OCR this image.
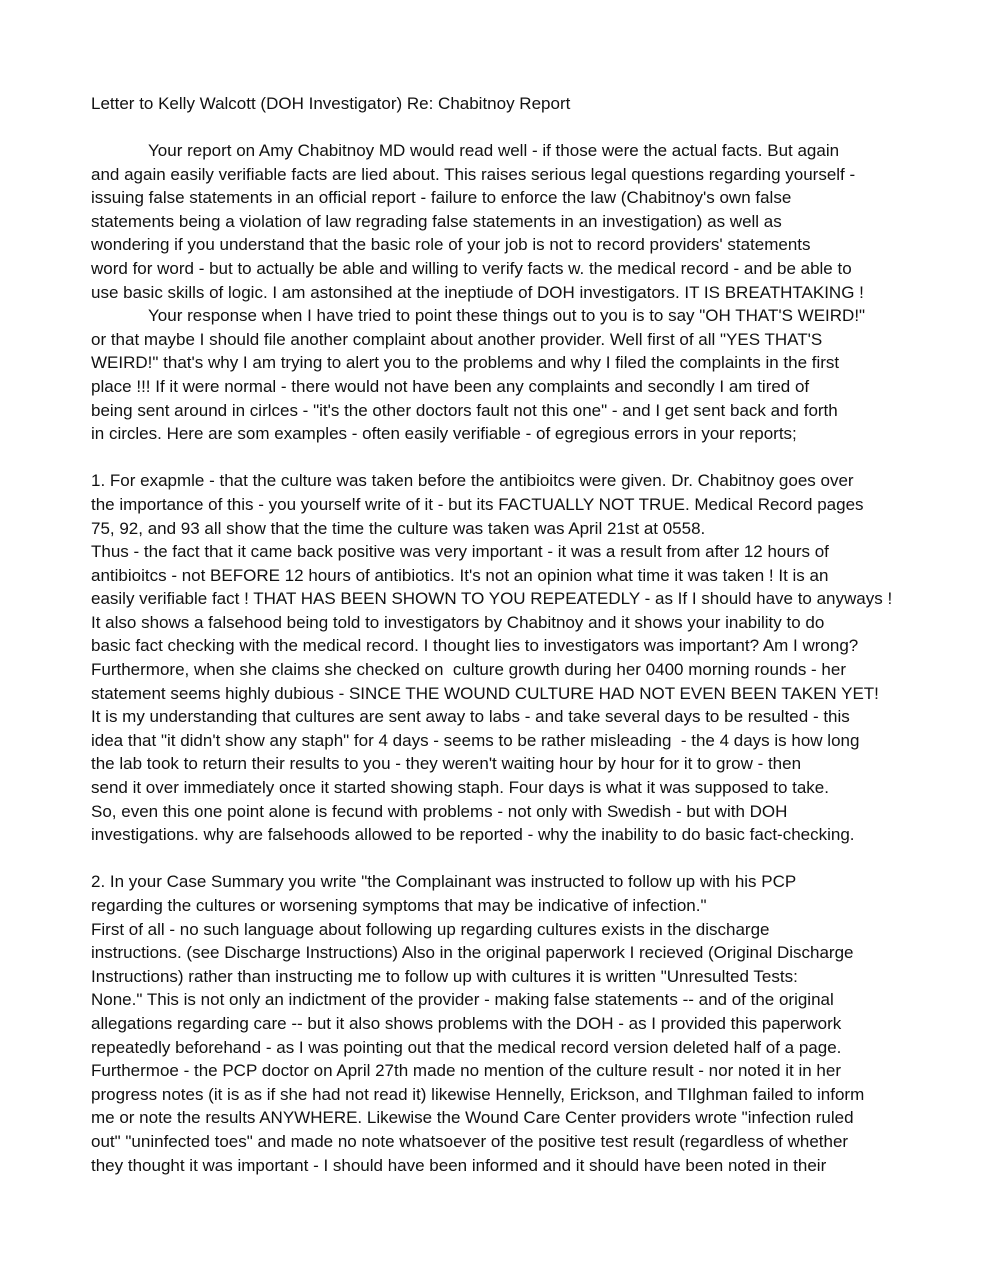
Letter to Kelly Walcott (DOH Investigator) Re: Chabitnoy Report
Your report on Amy Chabitnoy MD would read well - if those were the actual facts. But again
and again easily verifiable facts are lied about. This raises serious legal questions regarding yourself -
issuing false statements in an official report - failure to enforce the law (Chabitnoy's own false
statements being a violation of law regrading false statements in an investigation) as well as
wondering if you understand that the basic role of your job is not to record providers' statements
word for word - but to actually be able and willing to verify facts w. the medical record - and be able to
use basic skills of logic. I am astonsihed at the ineptiude of DOH investigators. IT IS BREATHTAKING !
Your response when I have tried to point these things out to you is to say "OH THAT'S WEIRD!"
or that maybe I should file another complaint about another provider. Well first of all "YES THAT'S
WEIRD!" that's why I am trying to alert you to the problems and why I filed the complaints in the first
place !!! If it were normal - there would not have been any complaints and secondly I am tired of
being sent around in cirlces - "it's the other doctors fault not this one" - and I get sent back and forth
in circles. Here are som examples - often easily verifiable - of egregious errors in your reports;
1. For exapmle - that the culture was taken before the antibioitcs were given. Dr. Chabitnoy goes over
the importance of this - you yourself write of it - but its FACTUALLY NOT TRUE. Medical Record pages
75, 92, and 93 all show that the time the culture was taken was April 21st at 0558.
Thus - the fact that it came back positive was very important - it was a result from after 12 hours of
antibioitcs - not BEFORE 12 hours of antibiotics. It's not an opinion what time it was taken ! It is an
easily verifiable fact ! THAT HAS BEEN SHOWN TO YOU REPEATEDLY - as If I should have to anyways !
It also shows a falsehood being told to investigators by Chabitnoy and it shows your inability to do
basic fact checking with the medical record. I thought lies to investigators was important? Am I wrong?
Furthermore, when she claims she checked on  culture growth during her 0400 morning rounds - her
statement seems highly dubious - SINCE THE WOUND CULTURE HAD NOT EVEN BEEN TAKEN YET!
It is my understanding that cultures are sent away to labs - and take several days to be resulted - this
idea that "it didn't show any staph" for 4 days - seems to be rather misleading  - the 4 days is how long
the lab took to return their results to you - they weren't waiting hour by hour for it to grow - then
send it over immediately once it started showing staph. Four days is what it was supposed to take.
So, even this one point alone is fecund with problems - not only with Swedish - but with DOH
investigations. why are falsehoods allowed to be reported - why the inability to do basic fact-checking.
2. In your Case Summary you write "the Complainant was instructed to follow up with his PCP
regarding the cultures or worsening symptoms that may be indicative of infection."
First of all - no such language about following up regarding cultures exists in the discharge
instructions. (see Discharge Instructions) Also in the original paperwork I recieved (Original Discharge
Instructions) rather than instructing me to follow up with cultures it is written "Unresulted Tests:
None." This is not only an indictment of the provider - making false statements -- and of the original
allegations regarding care -- but it also shows problems with the DOH - as I provided this paperwork
repeatedly beforehand - as I was pointing out that the medical record version deleted half of a page.
Furthermoe - the PCP doctor on April 27th made no mention of the culture result - nor noted it in her
progress notes (it is as if she had not read it) likewise Hennelly, Erickson, and TIlghman failed to inform
me or note the results ANYWHERE. Likewise the Wound Care Center providers wrote "infection ruled
out" "uninfected toes" and made no note whatsoever of the positive test result (regardless of whether
they thought it was important - I should have been informed and it should have been noted in their
